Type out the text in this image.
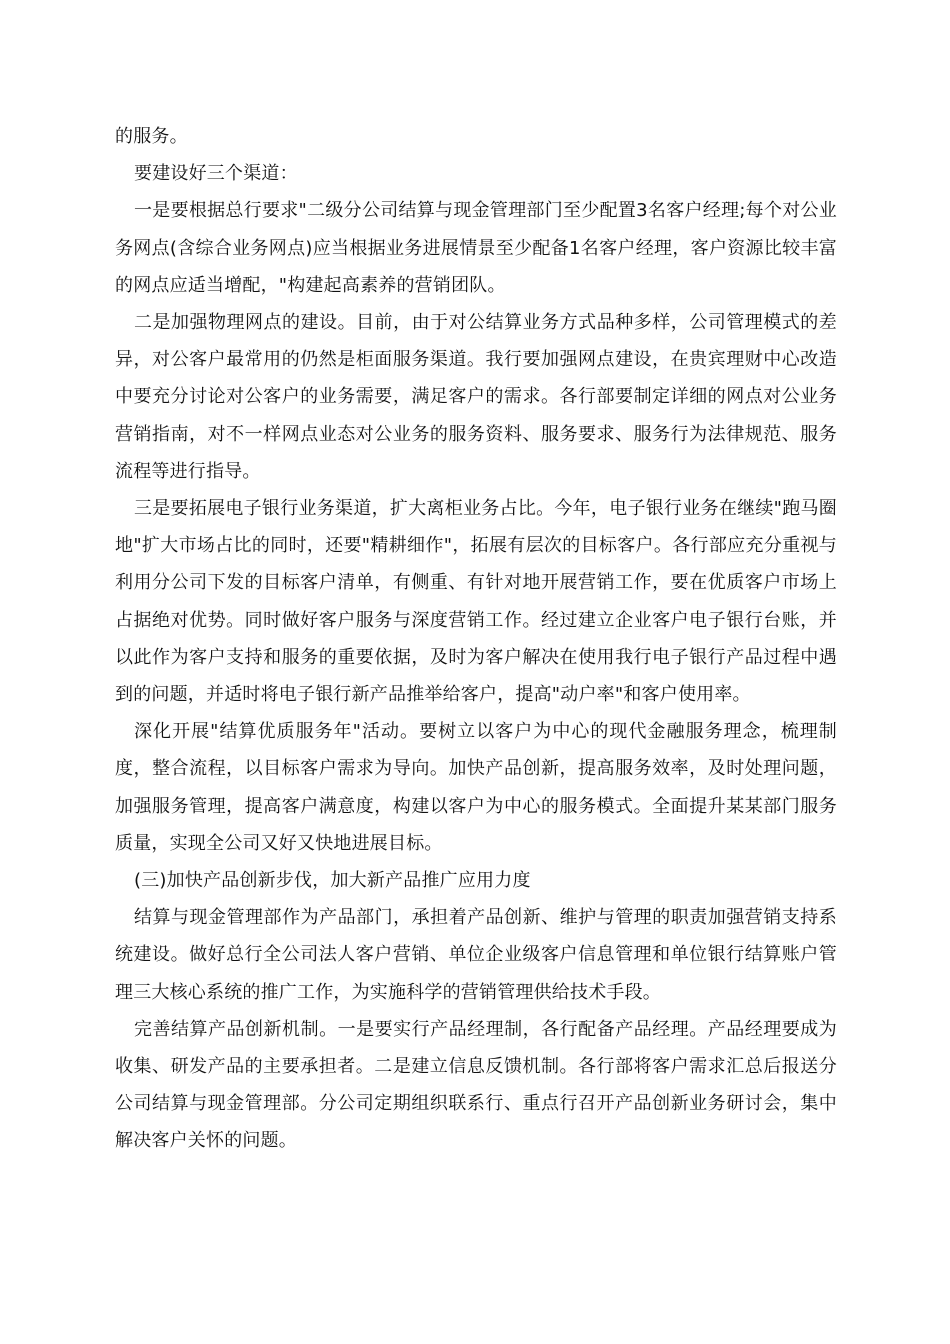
的服务。

要建设好三个渠道：

一是要根据总行要求"二级分公司结算与现金管理部门至少配置3名客户经理;每个对公业务网点(含综合业务网点)应当根据业务进展情景至少配备1名客户经理，客户资源比较丰富的网点应适当增配，"构建起高素养的营销团队。

二是加强物理网点的建设。目前，由于对公结算业务方式品种多样，公司管理模式的差异，对公客户最常用的仍然是柜面服务渠道。我行要加强网点建设，在贵宾理财中心改造中要充分讨论对公客户的业务需要，满足客户的需求。各行部要制定详细的网点对公业务营销指南，对不一样网点业态对公业务的服务资料、服务要求、服务行为法律规范、服务流程等进行指导。

三是要拓展电子银行业务渠道，扩大离柜业务占比。今年，电子银行业务在继续"跑马圈地"扩大市场占比的同时，还要"精耕细作"，拓展有层次的目标客户。各行部应充分重视与利用分公司下发的目标客户清单，有侧重、有针对地开展营销工作，要在优质客户市场上占据绝对优势。同时做好客户服务与深度营销工作。经过建立企业客户电子银行台账，并以此作为客户支持和服务的重要依据，及时为客户解决在使用我行电子银行产品过程中遇到的问题，并适时将电子银行新产品推举给客户，提高"动户率"和客户使用率。

深化开展"结算优质服务年"活动。要树立以客户为中心的现代金融服务理念，梳理制度，整合流程，以目标客户需求为导向。加快产品创新，提高服务效率，及时处理问题，加强服务管理，提高客户满意度，构建以客户为中心的服务模式。全面提升某某部门服务质量，实现全公司又好又快地进展目标。

(三)加快产品创新步伐，加大新产品推广应用力度

结算与现金管理部作为产品部门，承担着产品创新、维护与管理的职责加强营销支持系统建设。做好总行全公司法人客户营销、单位企业级客户信息管理和单位银行结算账户管理三大核心系统的推广工作，为实施科学的营销管理供给技术手段。

完善结算产品创新机制。一是要实行产品经理制，各行配备产品经理。产品经理要成为收集、研发产品的主要承担者。二是建立信息反馈机制。各行部将客户需求汇总后报送分公司结算与现金管理部。分公司定期组织联系行、重点行召开产品创新业务研讨会，集中解决客户关怀的问题。
